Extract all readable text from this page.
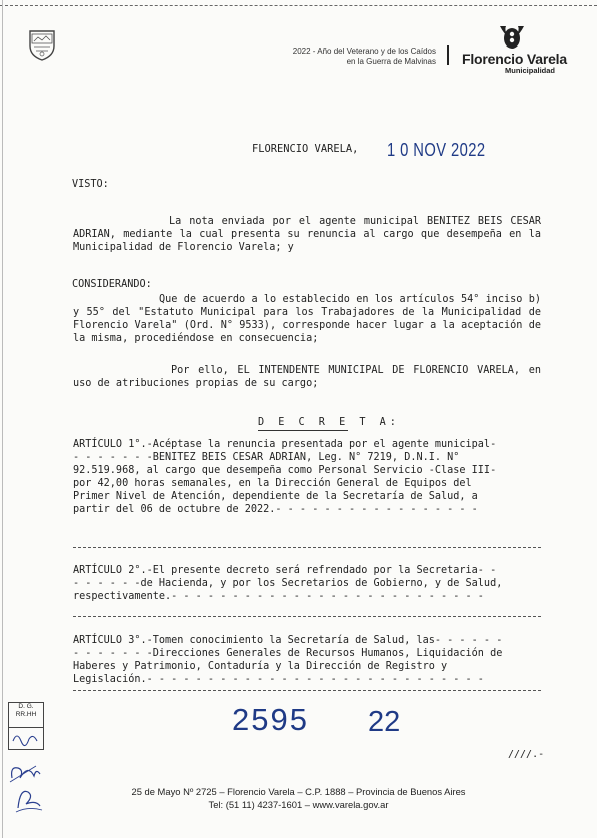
2022 - Año del Veterano y de los Caídos
en la Guerra de Malvinas Florencio Varela
Municipalidad
FLORENCIO VARELA, 1 0 NOV 2022
VISTO:
La nota enviada por el agente municipal BENITEZ BEIS CESAR ADRIAN, mediante la cual presenta su renuncia al cargo que desempeña en la Municipalidad de Florencio Varela; y
CONSIDERANDO:
Que de acuerdo a lo establecido en los artículos 54° inciso b) y 55° del "Estatuto Municipal para los Trabajadores de la Municipalidad de Florencio Varela" (Ord. N° 9533), corresponde hacer lugar a la aceptación de la misma, procediéndose en consecuencia;
Por ello, EL INTENDENTE MUNICIPAL DE FLORENCIO VARELA, en uso de atribuciones propias de su cargo;
D E C R E T A:
ARTÍCULO 1°.-Acéptase la renuncia presentada por el agente municipal-
- - - - - - -BENITEZ BEIS CESAR ADRIAN, Leg. N° 7219, D.N.I. N°
92.519.968, al cargo que desempeña como Personal Servicio -Clase III-
por 42,00 horas semanales, en la Dirección General de Equipos del
Primer Nivel de Atención, dependiente de la Secretaría de Salud, a
partir del 06 de octubre de 2022.- - - - - - - - - - - - - - - - -
ARTÍCULO 2°.-El presente decreto será refrendado por la Secretaria- -
- - - - - -de Hacienda, y por los Secretarios de Gobierno, y de Salud,
respectivamente.- - - - - - - - - - - - - - - - - - - - - - - - - -
ARTÍCULO 3°.-Tomen conocimiento la Secretaría de Salud, las- - - - - -
- - - - - - -Direcciones Generales de Recursos Humanos, Liquidación de
Haberes y Patrimonio, Contaduría y la Dirección de Registro y
Legislación.- - - - - - - - - - - - - - - - - - - - - - - - - - - -
D. G.
RR.HH	2595 22
////.-
25 de Mayo Nº 2725 – Florencio Varela – C.P. 1888 – Provincia de Buenos Aires
Tel: (51 11) 4237-1601 – www.varela.gov.ar
